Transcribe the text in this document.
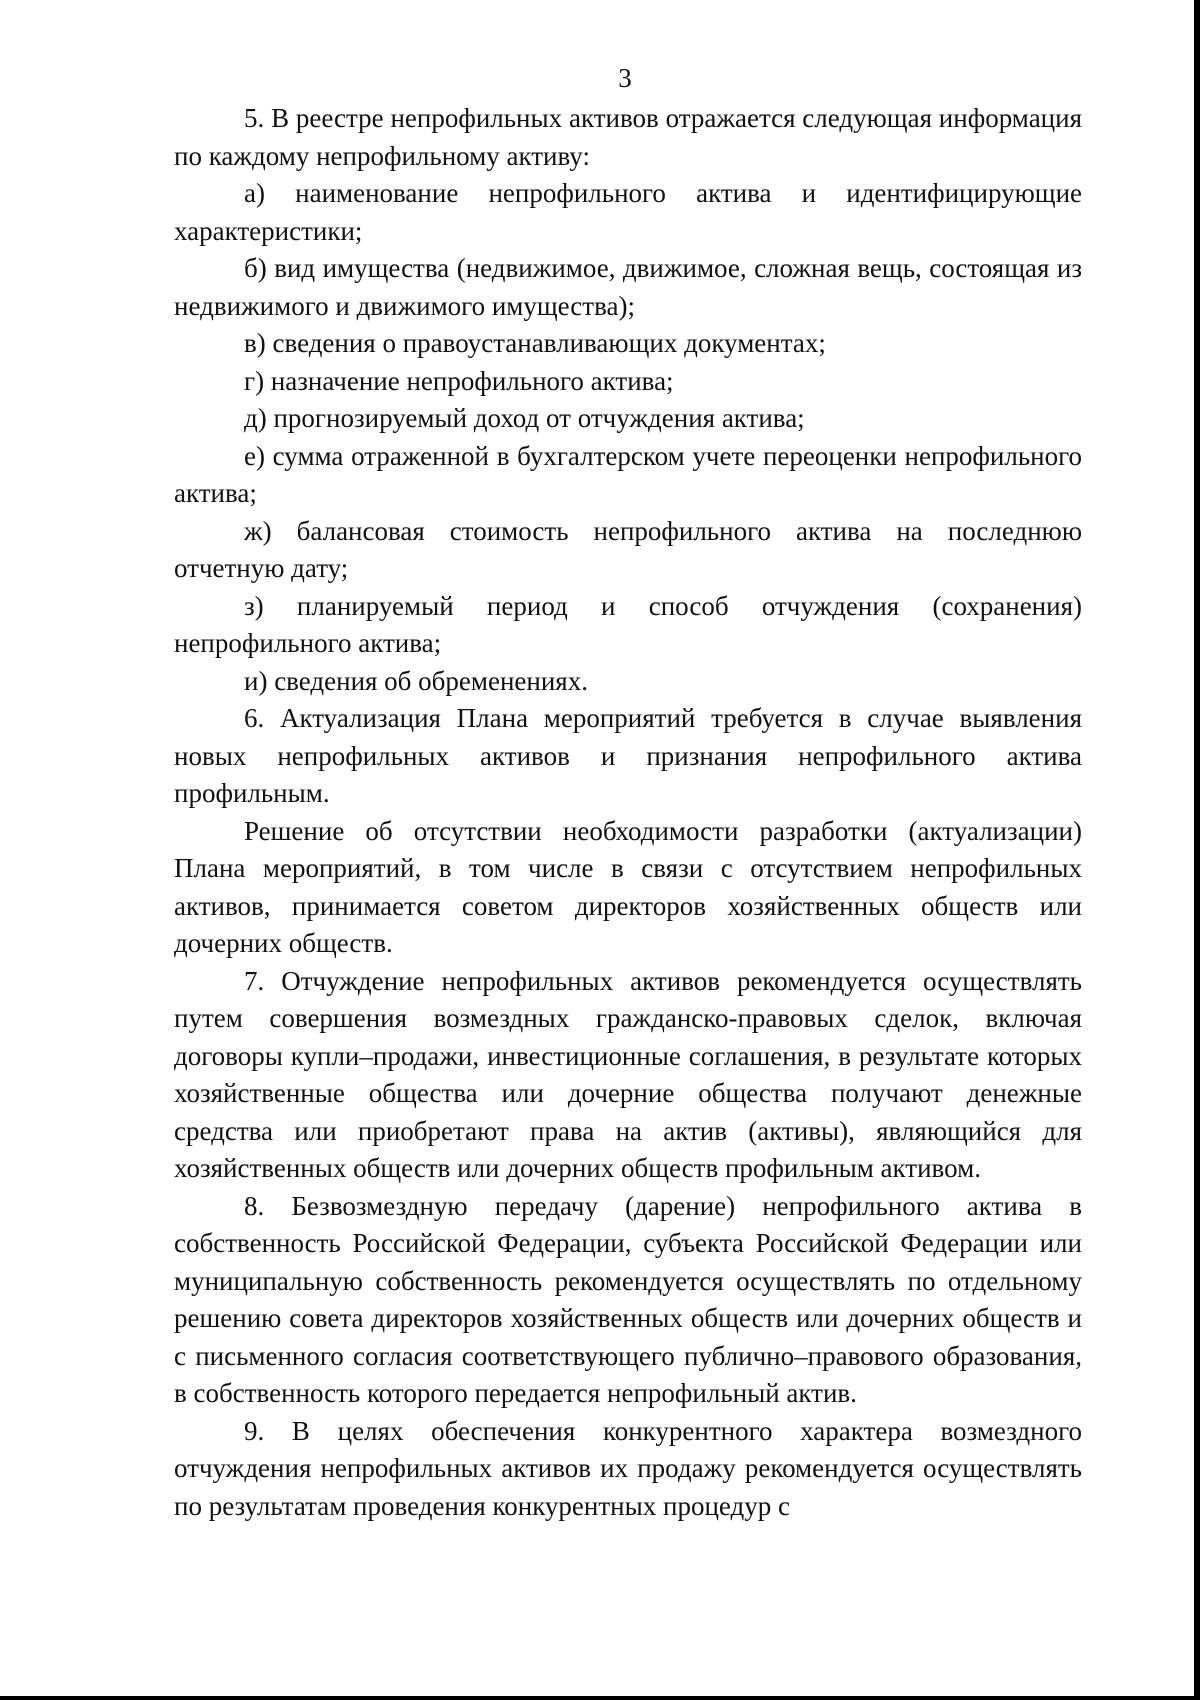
3

5. В реестре непрофильных активов отражается следующая информация по каждому непрофильному активу:

а) наименование непрофильного актива и идентифицирующие характеристики;

б) вид имущества (недвижимое, движимое, сложная вещь, состоящая из недвижимого и движимого имущества);

в) сведения о правоустанавливающих документах;

г) назначение непрофильного актива;

д) прогнозируемый доход от отчуждения актива;

е) сумма отраженной в бухгалтерском учете переоценки непрофильного актива;

ж) балансовая стоимость непрофильного актива на последнюю отчетную дату;

з) планируемый период и способ отчуждения (сохранения) непрофильного актива;

и) сведения об обременениях.

6. Актуализация Плана мероприятий требуется в случае выявления новых непрофильных активов и признания непрофильного актива профильным.

Решение об отсутствии необходимости разработки (актуализации) Плана мероприятий, в том числе в связи с отсутствием непрофильных активов, принимается советом директоров хозяйственных обществ или дочерних обществ.

7. Отчуждение непрофильных активов рекомендуется осуществлять путем совершения возмездных гражданско-правовых сделок, включая договоры купли–продажи, инвестиционные соглашения, в результате которых хозяйственные общества или дочерние общества получают денежные средства или приобретают права на актив (активы), являющийся для хозяйственных обществ или дочерних обществ профильным активом.

8. Безвозмездную передачу (дарение) непрофильного актива в собственность Российской Федерации, субъекта Российской Федерации или муниципальную собственность рекомендуется осуществлять по отдельному решению совета директоров хозяйственных обществ или дочерних обществ и с письменного согласия соответствующего публично–правового образования, в собственность которого передается непрофильный актив.

9. В целях обеспечения конкурентного характера возмездного отчуждения непрофильных активов их продажу рекомендуется осуществлять по результатам проведения конкурентных процедур с
